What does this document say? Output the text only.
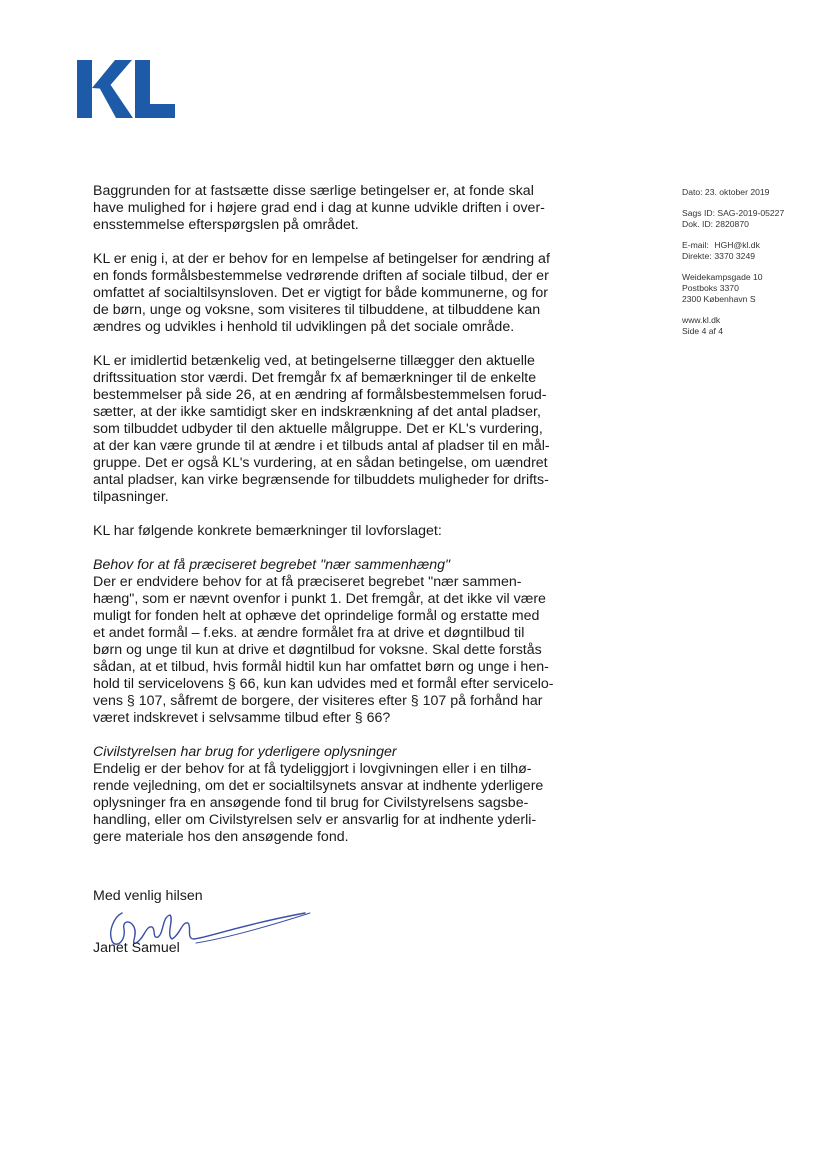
Baggrunden for at fastsætte disse særlige betingelser er, at fonde skal
have mulighed for i højere grad end i dag at kunne udvikle driften i over-
ensstemmelse efterspørgslen på området.

KL er enig i, at der er behov for en lempelse af betingelser for ændring af
en fonds formålsbestemmelse vedrørende driften af sociale tilbud, der er
omfattet af socialtilsynsloven. Det er vigtigt for både kommunerne, og for
de børn, unge og voksne, som visiteres til tilbuddene, at tilbuddene kan
ændres og udvikles i henhold til udviklingen på det sociale område.

KL er imidlertid betænkelig ved, at betingelserne tillægger den aktuelle
driftssituation stor værdi. Det fremgår fx af bemærkninger til de enkelte
bestemmelser på side 26, at en ændring af formålsbestemmelsen forud-
sætter, at der ikke samtidigt sker en indskrænkning af det antal pladser,
som tilbuddet udbyder til den aktuelle målgruppe. Det er KL's vurdering,
at der kan være grunde til at ændre i et tilbuds antal af pladser til en mål-
gruppe. Det er også KL's vurdering, at en sådan betingelse, om uændret
antal pladser, kan virke begrænsende for tilbuddets muligheder for drifts-
tilpasninger.

KL har følgende konkrete bemærkninger til lovforslaget:

Behov for at få præciseret begrebet "nær sammenhæng"

Der er endvidere behov for at få præciseret begrebet "nær sammen-
hæng", som er nævnt ovenfor i punkt 1. Det fremgår, at det ikke vil være
muligt for fonden helt at ophæve det oprindelige formål og erstatte med
et andet formål – f.eks. at ændre formålet fra at drive et døgntilbud til
børn og unge til kun at drive et døgntilbud for voksne. Skal dette forstås
sådan, at et tilbud, hvis formål hidtil kun har omfattet børn og unge i hen-
hold til servicelovens § 66, kun kan udvides med et formål efter servicelo-
vens § 107, såfremt de borgere, der visiteres efter § 107 på forhånd har
været indskrevet i selvsamme tilbud efter § 66?

Civilstyrelsen har brug for yderligere oplysninger

Endelig er der behov for at få tydeliggjort i lovgivningen eller i en tilhø-
rende vejledning, om det er socialtilsynets ansvar at indhente yderligere
oplysninger fra en ansøgende fond til brug for Civilstyrelsens sagsbe-
handling, eller om Civilstyrelsen selv er ansvarlig for at indhente yderli-
gere materiale hos den ansøgende fond.

Dato: 23. oktober 2019
Sags ID: SAG-2019-05227
Dok. ID: 2820870
E-mail: HGH@kl.dk
Direkte: 3370 3249
Weidekampsgade 10
Postboks 3370
2300 København S
www.kl.dk
Side 4 af 4
Med venlig hilsen
Janet Samuel
